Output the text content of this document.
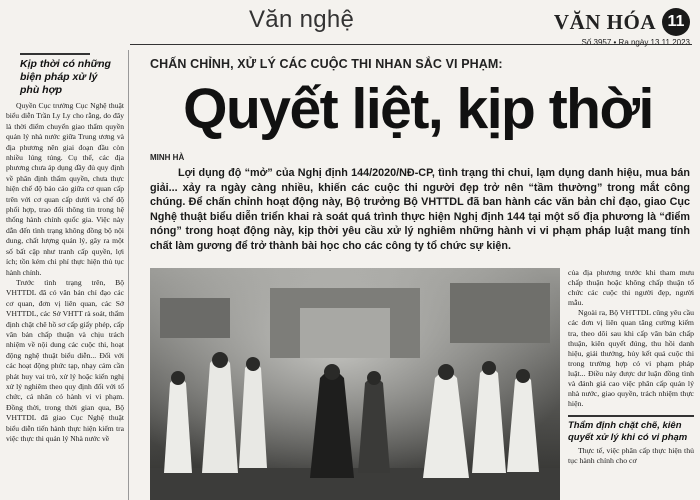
Văn nghệ	VĂN HÓA 11
Số 3957 • Ra ngày 13.11.2023
Kịp thời có những biện pháp xử lý phù hợp

Quyền Cục trưởng Cục Nghệ thuật biểu diễn Trần Ly Ly cho rằng, do đây là thời điểm chuyển giao thẩm quyền quản lý nhà nước giữa Trung ương và địa phương nên giai đoạn đầu còn nhiều lúng túng. Cụ thể, các địa phương chưa áp dụng đầy đủ quy định về phân định thẩm quyền, chưa thực hiện chế độ báo cáo giữa cơ quan cấp trên với cơ quan cấp dưới và chế độ phối hợp, trao đổi thông tin trong hệ thống hành chính quốc gia. Việc này dẫn đến tình trạng không đồng bộ nội dung, chất lượng quản lý, gây ra một số bất cập như tranh cấp quyền, lợi ích; tồn kém chi phí thực hiện thủ tục hành chính.

Trước tình trạng trên, Bộ VHTTDL đã có văn bản chỉ đạo các cơ quan, đơn vị liên quan, các Sở VHTTDL, các Sở VHTT rà soát, thẩm định chặt chẽ hồ sơ cấp giấy phép, cấp văn bản chấp thuận và chịu trách nhiệm về nội dung các cuộc thi, hoạt động nghệ thuật biểu diễn... Đối với các hoạt động phức tạp, nhạy cảm cần phát huy vai trò, xử lý hoặc kiến nghị xử lý nghiêm theo quy định đối với tổ chức, cá nhân có hành vi vi phạm. Đồng thời, trong thời gian qua, Bộ VHTTDL đã giao Cục Nghệ thuật biểu diễn tiến hành thực hiện kiểm tra việc thực thi quản lý Nhà nước về

CHẤN CHỈNH, XỬ LÝ CÁC CUỘC THI NHAN SẮC VI PHẠM:
Quyết liệt, kịp thời
MINH HÀ

Lợi dụng độ “mở” của Nghị định 144/2020/NĐ-CP, tình trạng thi chui, lạm dụng danh hiệu, mua bán giải... xảy ra ngày càng nhiều, khiến các cuộc thi người đẹp trở nên “tầm thường” trong mắt công chúng. Để chấn chỉnh hoạt động này, Bộ trưởng Bộ VHTTDL đã ban hành các văn bản chỉ đạo, giao Cục Nghệ thuật biểu diễn triển khai rà soát quá trình thực hiện Nghị định 144 tại một số địa phương là “điểm nóng” trong hoạt động này, kịp thời yêu cầu xử lý nghiêm những hành vi vi phạm pháp luật mang tính chất làm gương để trở thành bài học cho các công ty tổ chức sự kiện.

của địa phương trước khi tham mưu chấp thuận hoặc không chấp thuận tổ chức các cuộc thi người đẹp, người mẫu.

Ngoài ra, Bộ VHTTDL cũng yêu cầu các đơn vị liên quan tăng cường kiểm tra, theo dõi sau khi cấp văn bản chấp thuận, kiên quyết đúng, thu hồi danh hiệu, giải thưởng, hủy kết quả cuộc thi trong trường hợp có vi phạm pháp luật... Điều này được dư luận đồng tình và đánh giá cao việc phân cấp quản lý nhà nước, giao quyền, trách nhiệm thực hiện.

Thẩm định chặt chẽ, kiên quyết xử lý khi có vi phạm

Thực tế, việc phân cấp thực hiện thủ tục hành chính cho cơ
